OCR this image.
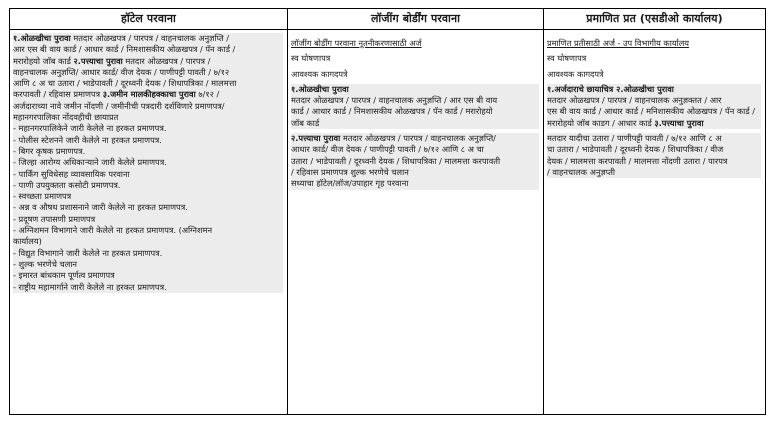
हॉटेल परवाना
१.ओळखीचा पुरावा मतदार ओळखपत्र / पारपत्र / वाहनचालक अनुज्ञप्ति /
आर एस बी वाय कार्ड / आधार कार्ड / निमशासकीय ओळखपत्र / पॅन कार्ड /
मरारोहयो जॉब कार्ड २.पत्त्याचा पुरावा मतदार ओळखपत्र / पारपत्र /
वाहनचालक अनुज्ञप्ति/ आधार कार्ड/ वीज देयक / पाणीपट्टी पावती / ७/१२
आणि ८ अ चा उतारा / भाडेपावती / दूरध्वनी देयक / शिधापत्रिका / मालमत्ता
करपावती / रहिवास प्रमाणपत्र ३.जमीन मालकीहक्काचा पुरावा ७/१२ /
अर्जदाराच्या नावे जमीन नोंदणी / जमीनीची पत्रदारी दर्शविणारे प्रमाणपत्र/
महानगरपालिका नोंदवहीची छायाप्रत
- महानगरपालिकेने जारी केलेले ना हरकत प्रमाणपत्र.
- पोलीस स्टेशनने जारी केलेले ना हरकत प्रमाणपत्र.
- बिगर कृषक प्रमाणपत्र.
- जिल्हा आरोग्य अधिकाऱ्याने जारी केलेले प्रमाणपत्र.
- पार्किंग सुविधेसह व्यावसायिक परवाना
- पाणी उपयुक्तता कसोटी प्रमाणपत्र.
- स्वच्छता प्रमाणपत्र
- अन्न व औषध प्रशासनाने जारी केलेले ना हरकत प्रमाणपत्र.
- प्रदूषण तपासणी प्रमाणपत्र
- अग्निशमन विभागाने जारी केलेले ना हरकत प्रमाणपत्र. (अग्निशमन
कार्यालय)
- विद्युत विभागाने जारी केलेले ना हरकत प्रमाणपत्र.
- शुल्क भरणेचे चलान
- इमारत बांधकाम पूर्णत्व प्रमाणपत्र
- राष्ट्रीय महामार्गाने जारी केलेले ना हरकत प्रमाणपत्र.
लॉजींग बोर्डींग परवाना
लॉजींग बोर्डींग परवाना नूतनीकरणासाठी अर्ज
स्व घोषणापत्र
आवश्यक कागदपत्रे
१.ओळखीचा पुरावा
मतदार ओळखपत्र / पारपत्र / वाहनचालक अनुज्ञप्ति / आर एस बी वाय
कार्ड / आधार कार्ड / निमशासकीय ओळखपत्र / पॅन कार्ड / मरारोहयो
जॉब कार्ड
२.पत्त्याचा पुरावा मतदार ओळखपत्र / पारपत्र / वाहनचालक अनुज्ञप्ति/
आधार कार्ड/ वीज देयक / पाणीपट्टी पावती / ७/१२ आणि ८ अ चा
उतारा / भाडेपावती / दूरध्वनी देयक / शिधापत्रिका / मालमत्ता करपावती
/ रहिवास प्रमाणपत्र शुल्क भरणेचे चलान
सध्याचा हॉटेल/लॉज/उपाहार गृह परवाना
प्रमाणित प्रत (एसडीओ कार्यालय)
प्रमाणित प्रतीसाठी अर्ज - उप विभागीय कार्यालय
स्व घोषणापत्र
आवश्यक कागदपत्रे
१.अर्जदाराचे छायाचित्र २.ओळखीचा पुरावा
मतदार ओळखपत्र / पारपत्र / वाहनचालक अनुज्ञक्तत / आर
एस बी वाय कार्ड / आधार कार्ड / मनिशासकीय ओळखपत्र / पॅन कार्ड /
मरारोहयो जॉब काडग / आधार कार्ड ३.पत्त्याचा पुरावा
मतदार यादीचा उतारा / पाणीपट्टी पावती / ७/१२ आणि ८ अ
चा उतारा / भाडेपावती / दूरध्वनी देयक / शिधापत्रिका / वीज
देयक / मालमत्ता करपावती / मालमत्ता नोंदणी उतारा / पारपत्र
/ वाहनचालक अनुज्ञप्ती
